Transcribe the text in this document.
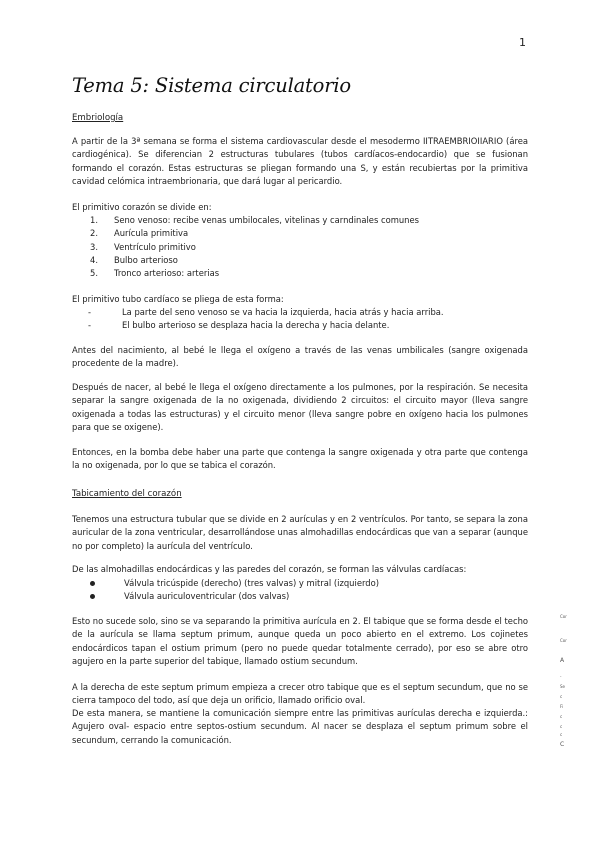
1
Tema 5: Sistema circulatorio
Embriología

A partir de la 3ª semana se forma el sistema cardiovascular desde el mesodermo IITRAEMBRIOIIARIO (área cardiogénica). Se diferencian 2 estructuras tubulares (tubos cardíacos-endocardio) que se fusionan formando el corazón. Estas estructuras se pliegan formando una S, y están recubiertas por la primitiva cavidad celómica intraembrionaria, que dará lugar al pericardio.

El primitivo corazón se divide en:

1.	Seno venoso: recibe venas umbilocales, vitelinas y carndinales comunes
2.	Aurícula primitiva
3.	Ventrículo primitivo
4.	Bulbo arterioso
5.	Tronco arterioso: arterias

El primitivo tubo cardíaco se pliega de esta forma:

-	La parte del seno venoso se va hacia la izquierda, hacia atrás y hacia arriba.
-	El bulbo arterioso se desplaza hacia la derecha y hacia delante.

Antes del nacimiento, al bebé le llega el oxígeno a través de las venas umbilicales (sangre oxigenada procedente de la madre).

Después de nacer, al bebé le llega el oxígeno directamente a los pulmones, por la respiración. Se necesita separar la sangre oxigenada de la no oxigenada, dividiendo 2 circuitos: el circuito mayor (lleva sangre oxigenada a todas las estructuras) y el circuito menor (lleva sangre pobre en oxígeno hacia los pulmones para que se oxigene).

Entonces, en la bomba debe haber una parte que contenga la sangre oxigenada y otra parte que contenga la no oxigenada, por lo que se tabica el corazón.

Tabicamiento del corazón

Tenemos una estructura tubular que se divide en 2 aurículas y en 2 ventrículos. Por tanto, se separa la zona auricular de la zona ventricular, desarrollándose unas almohadillas endocárdicas que van a separar (aunque no por completo) la aurícula del ventrículo.

De las almohadillas endocárdicas y las paredes del corazón, se forman las válvulas cardíacas:

Válvula tricúspide (derecho) (tres valvas) y mitral (izquierdo)
Válvula auriculoventricular (dos valvas)

Esto no sucede solo, sino se va separando la primitiva aurícula en 2. El tabique que se forma desde el techo de la aurícula se llama septum primum, aunque queda un poco abierto en el extremo. Los cojinetes endocárdicos tapan el ostium primum (pero no puede quedar totalmente cerrado), por eso se abre otro agujero en la parte superior del tabique, llamado ostium secundum.

A la derecha de este septum primum empieza a crecer otro tabique que es el septum secundum, que no se cierra tampoco del todo, así que deja un orificio, llamado orificio oval.

De esta manera, se mantiene la comunicación siempre entre las primitivas aurículas derecha e izquierda.: Agujero oval- espacio entre septos-ostium secundum. Al nacer se desplaza el septum primum sobre el secundum, cerrando la comunicación.

Cor
Cor
A
-
Se
c
Fi
c
c
c
C
